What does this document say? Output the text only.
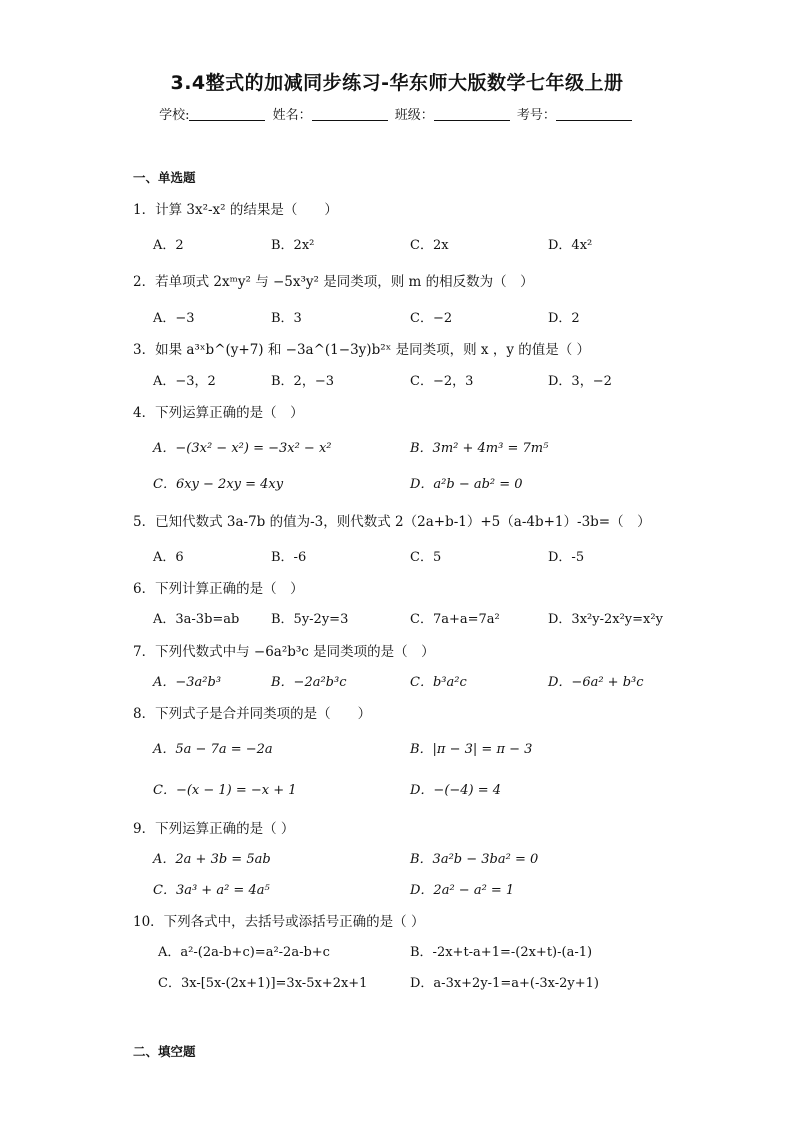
3.4整式的加减同步练习-华东师大版数学七年级上册
学校:	姓名：	班级：	考号：
一、单选题
1．计算 3x²-x² 的结果是（　　）
A．2	B．2x²	C．2x	D．4x²
2．若单项式 2xᵐy² 与 −5x³y² 是同类项，则 m 的相反数为（　）
A．−3	B．3	C．−2	D．2
3．如果 a³ˣb^(y+7) 和 −3a^(1−3y)b²ˣ 是同类项，则 x ，y 的值是（ ）
A．−3，2	B．2，−3	C．−2，3	D．3，−2
4．下列运算正确的是（　）
A．−(3x² − x²) = −3x² − x²	B．3m² + 4m³ = 7m⁵
C．6xy − 2xy = 4xy	D．a²b − ab² = 0
5．已知代数式 3a-7b 的值为-3，则代数式 2（2a+b-1）+5（a-4b+1）-3b=（　）
A．6	B．-6	C．5	D．-5
6．下列计算正确的是（　）
A．3a-3b=ab B．5y-2y=3	C．7a+a=7a²	D．3x²y-2x²y=x²y
7．下列代数式中与 −6a²b³c 是同类项的是（　）
A．−3a²b³	B．−2a²b³c	C．b³a²c	D．−6a² + b³c
8．下列式子是合并同类项的是（　　）
A．5a − 7a = −2a	B．|π − 3| = π − 3
C．−(x − 1) = −x + 1	D．−(−4) = 4
9．下列运算正确的是（ ）
A．2a + 3b = 5ab	B．3a²b − 3ba² = 0
C．3a³ + a² = 4a⁵	D．2a² − a² = 1
10．下列各式中，去括号或添括号正确的是（ ）
A．a²-(2a-b+c)=a²-2a-b+c	B．-2x+t-a+1=-(2x+t)-(a-1)
C．3x-[5x-(2x+1)]=3x-5x+2x+1	D．a-3x+2y-1=a+(-3x-2y+1)
二、填空题
